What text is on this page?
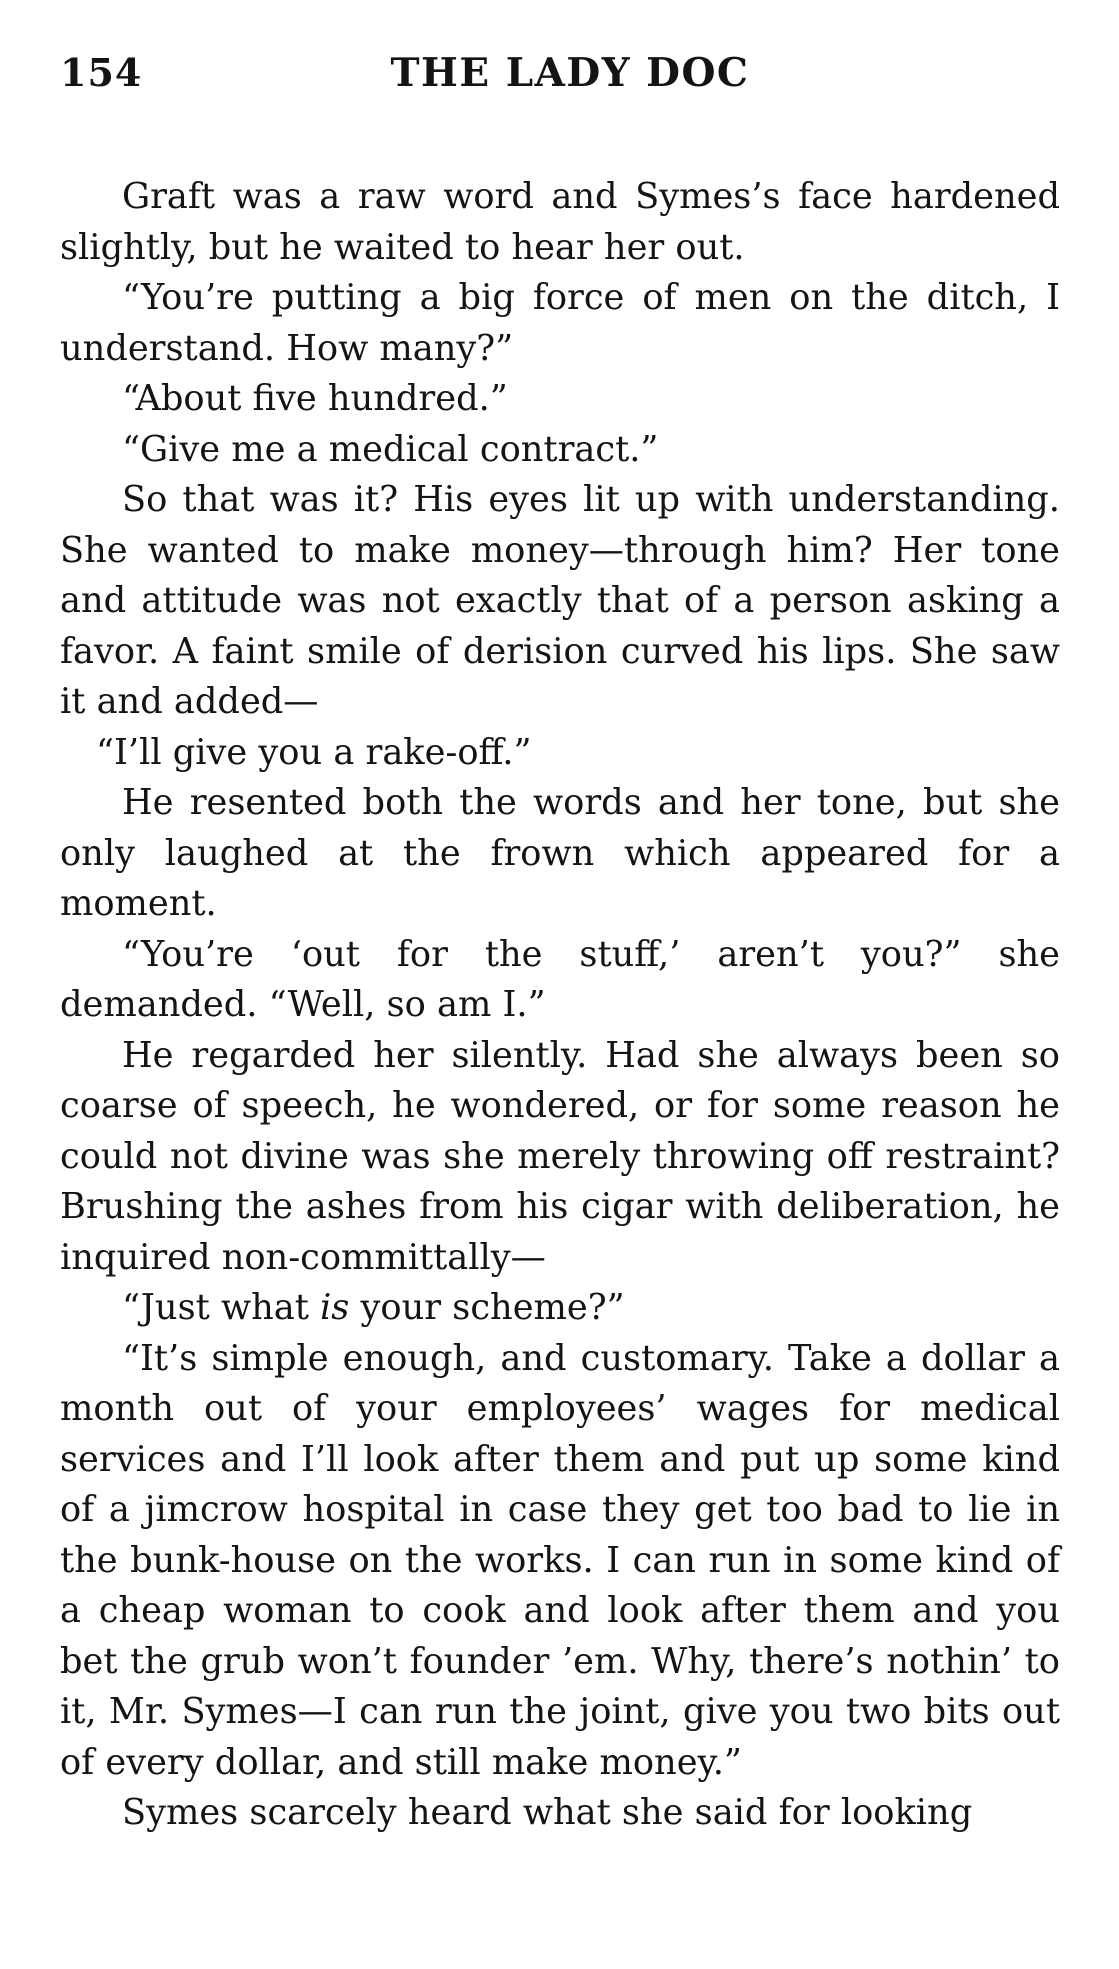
154	THE LADY DOC

Graft was a raw word and Symes’s face hardened slightly, but he waited to hear her out.

“You’re putting a big force of men on the ditch, I understand. How many?”

“About five hundred.”

“Give me a medical contract.”

So that was it? His eyes lit up with understanding. She wanted to make money—through him? Her tone and attitude was not exactly that of a person asking a favor. A faint smile of derision curved his lips. She saw it and added—

“I’ll give you a rake-off.”

He resented both the words and her tone, but she only laughed at the frown which appeared for a moment.

“You’re ‘out for the stuff,’ aren’t you?” she demanded. “Well, so am I.”

He regarded her silently. Had she always been so coarse of speech, he wondered, or for some reason he could not divine was she merely throwing off restraint? Brushing the ashes from his cigar with deliberation, he inquired non-committally—

“Just what is your scheme?”

“It’s simple enough, and customary. Take a dollar a month out of your employees’ wages for medical services and I’ll look after them and put up some kind of a jimcrow hospital in case they get too bad to lie in the bunk-house on the works. I can run in some kind of a cheap woman to cook and look after them and you bet the grub won’t founder ’em. Why, there’s nothin’ to it, Mr. Symes—I can run the joint, give you two bits out of every dollar, and still make money.”

Symes scarcely heard what she said for looking
